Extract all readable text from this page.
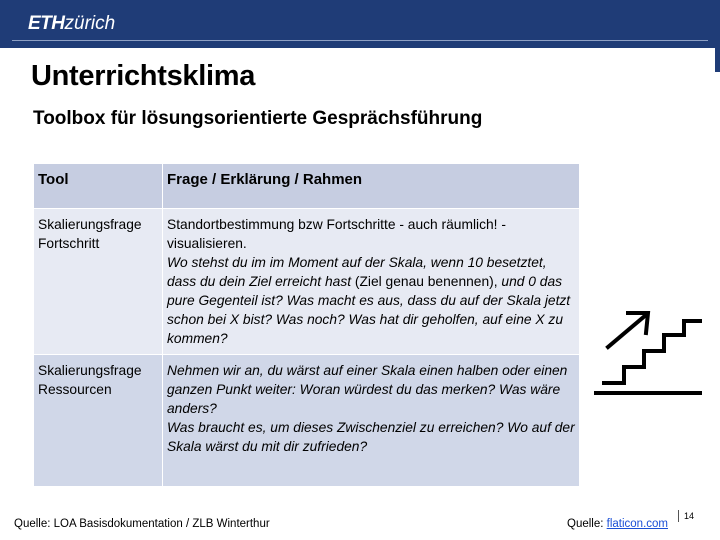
ETHzürich
Unterrichtsklima
Toolbox für lösungsorientierte Gesprächsführung
Tool	Frage / Erklärung / Rahmen
Skalierungsfrage
Fortschritt	Standortbestimmung bzw Fortschritte - auch räumlich! - visualisieren.
Wo stehst du im im Moment auf der Skala, wenn 10 besetztet, dass du dein Ziel erreicht hast (Ziel genau benennen), und 0 das pure Gegenteil ist? Was macht es aus, dass du auf der Skala jetzt schon bei X bist? Was noch? Was hat dir geholfen, auf eine X zu kommen?
Skalierungsfrage
Ressourcen	Nehmen wir an, du wärst auf einer Skala einen halben oder einen ganzen Punkt weiter: Woran würdest du das merken? Was wäre anders?
Was braucht es, um dieses Zwischenziel zu erreichen? Wo auf der Skala wärst du mit dir zufrieden?
Quelle: LOA Basisdokumentation / ZLB Winterthur	Quelle: flaticon.com
14
